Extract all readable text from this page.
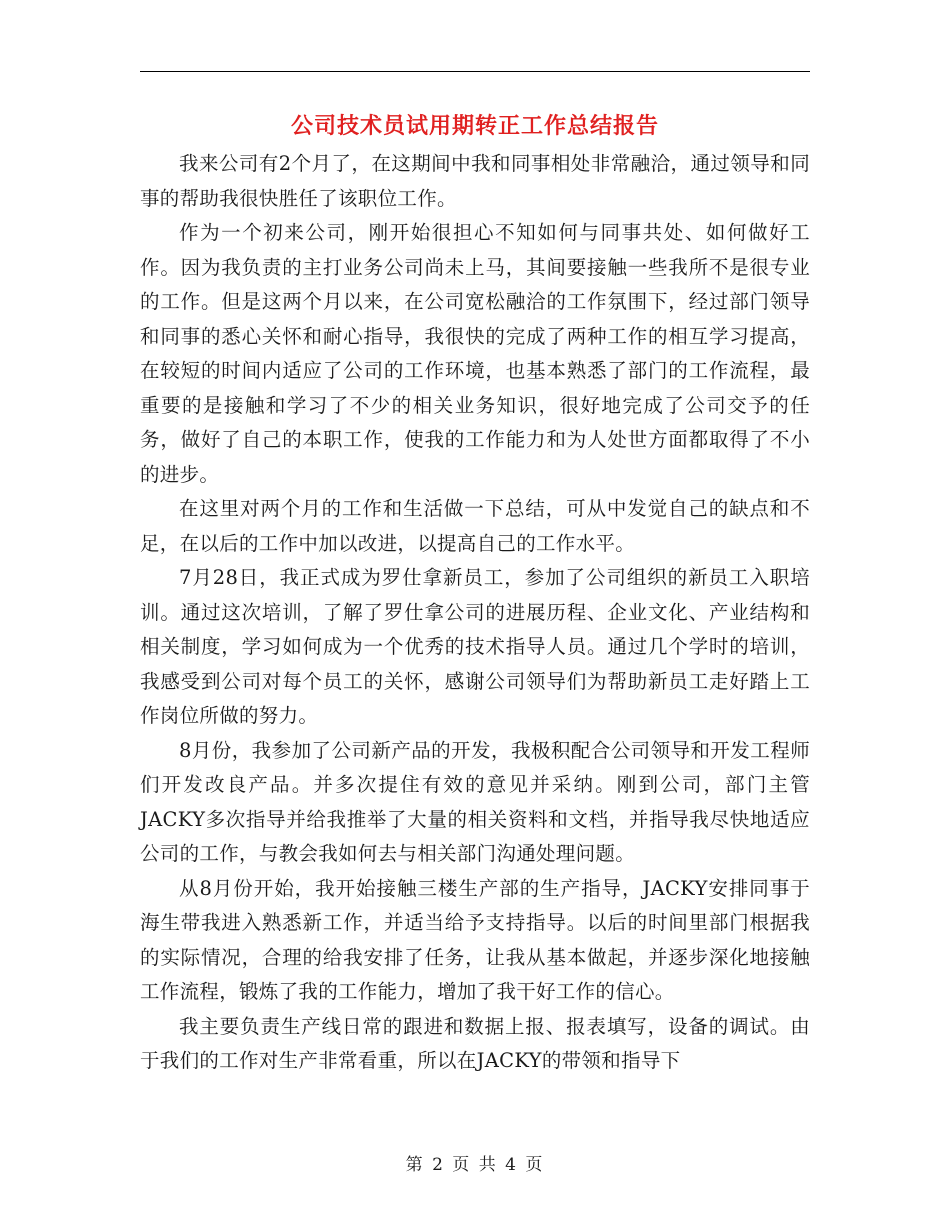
公司技术员试用期转正工作总结报告

我来公司有2个月了，在这期间中我和同事相处非常融洽，通过领导和同事的帮助我很快胜任了该职位工作。

作为一个初来公司，刚开始很担心不知如何与同事共处、如何做好工作。因为我负责的主打业务公司尚未上马，其间要接触一些我所不是很专业的工作。但是这两个月以来，在公司宽松融洽的工作氛围下，经过部门领导和同事的悉心关怀和耐心指导，我很快的完成了两种工作的相互学习提高，在较短的时间内适应了公司的工作环境，也基本熟悉了部门的工作流程，最重要的是接触和学习了不少的相关业务知识，很好地完成了公司交予的任务，做好了自己的本职工作，使我的工作能力和为人处世方面都取得了不小的进步。

在这里对两个月的工作和生活做一下总结，可从中发觉自己的缺点和不足，在以后的工作中加以改进，以提高自己的工作水平。

7月28日，我正式成为罗仕拿新员工，参加了公司组织的新员工入职培训。通过这次培训，了解了罗仕拿公司的进展历程、企业文化、产业结构和相关制度，学习如何成为一个优秀的技术指导人员。通过几个学时的培训，我感受到公司对每个员工的关怀，感谢公司领导们为帮助新员工走好踏上工作岗位所做的努力。

8月份，我参加了公司新产品的开发，我极积配合公司领导和开发工程师们开发改良产品。并多次提住有效的意见并采纳。刚到公司，部门主管JACKY多次指导并给我推举了大量的相关资料和文档，并指导我尽快地适应公司的工作，与教会我如何去与相关部门沟通处理问题。

从8月份开始，我开始接触三楼生产部的生产指导，JACKY安排同事于海生带我进入熟悉新工作，并适当给予支持指导。以后的时间里部门根据我的实际情况，合理的给我安排了任务，让我从基本做起，并逐步深化地接触工作流程，锻炼了我的工作能力，增加了我干好工作的信心。

我主要负责生产线日常的跟进和数据上报、报表填写，设备的调试。由于我们的工作对生产非常看重，所以在JACKY的带领和指导下

第 2 页 共 4 页
